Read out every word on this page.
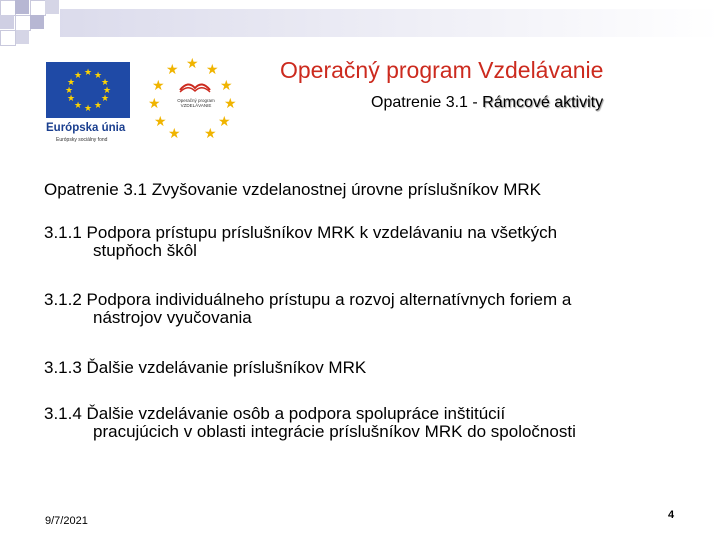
★ ★
★
★
★
★
★
★
★
★
★
★
Európska únia
Európsky sociálny fond
★ ★
★
★
★
★
★
★
★
★
★
Operačný program VZDELÁVANIE
Operačný program Vzdelávanie
Opatrenie 3.1 - Rámcové aktivity
Opatrenie 3.1 Zvyšovanie vzdelanostnej úrovne príslušníkov MRK
3.1.1 Podpora prístupu príslušníkov MRK k vzdelávaniu na všetkých
stupňoch škôl
3.1.2 Podpora individuálneho prístupu a rozvoj alternatívnych foriem a
nástrojov vyučovania
3.1.3 Ďalšie vzdelávanie príslušníkov MRK
3.1.4 Ďalšie vzdelávanie osôb a podpora spolupráce inštitúcií
pracujúcich v oblasti integrácie príslušníkov MRK do spoločnosti
9/7/2021	4
